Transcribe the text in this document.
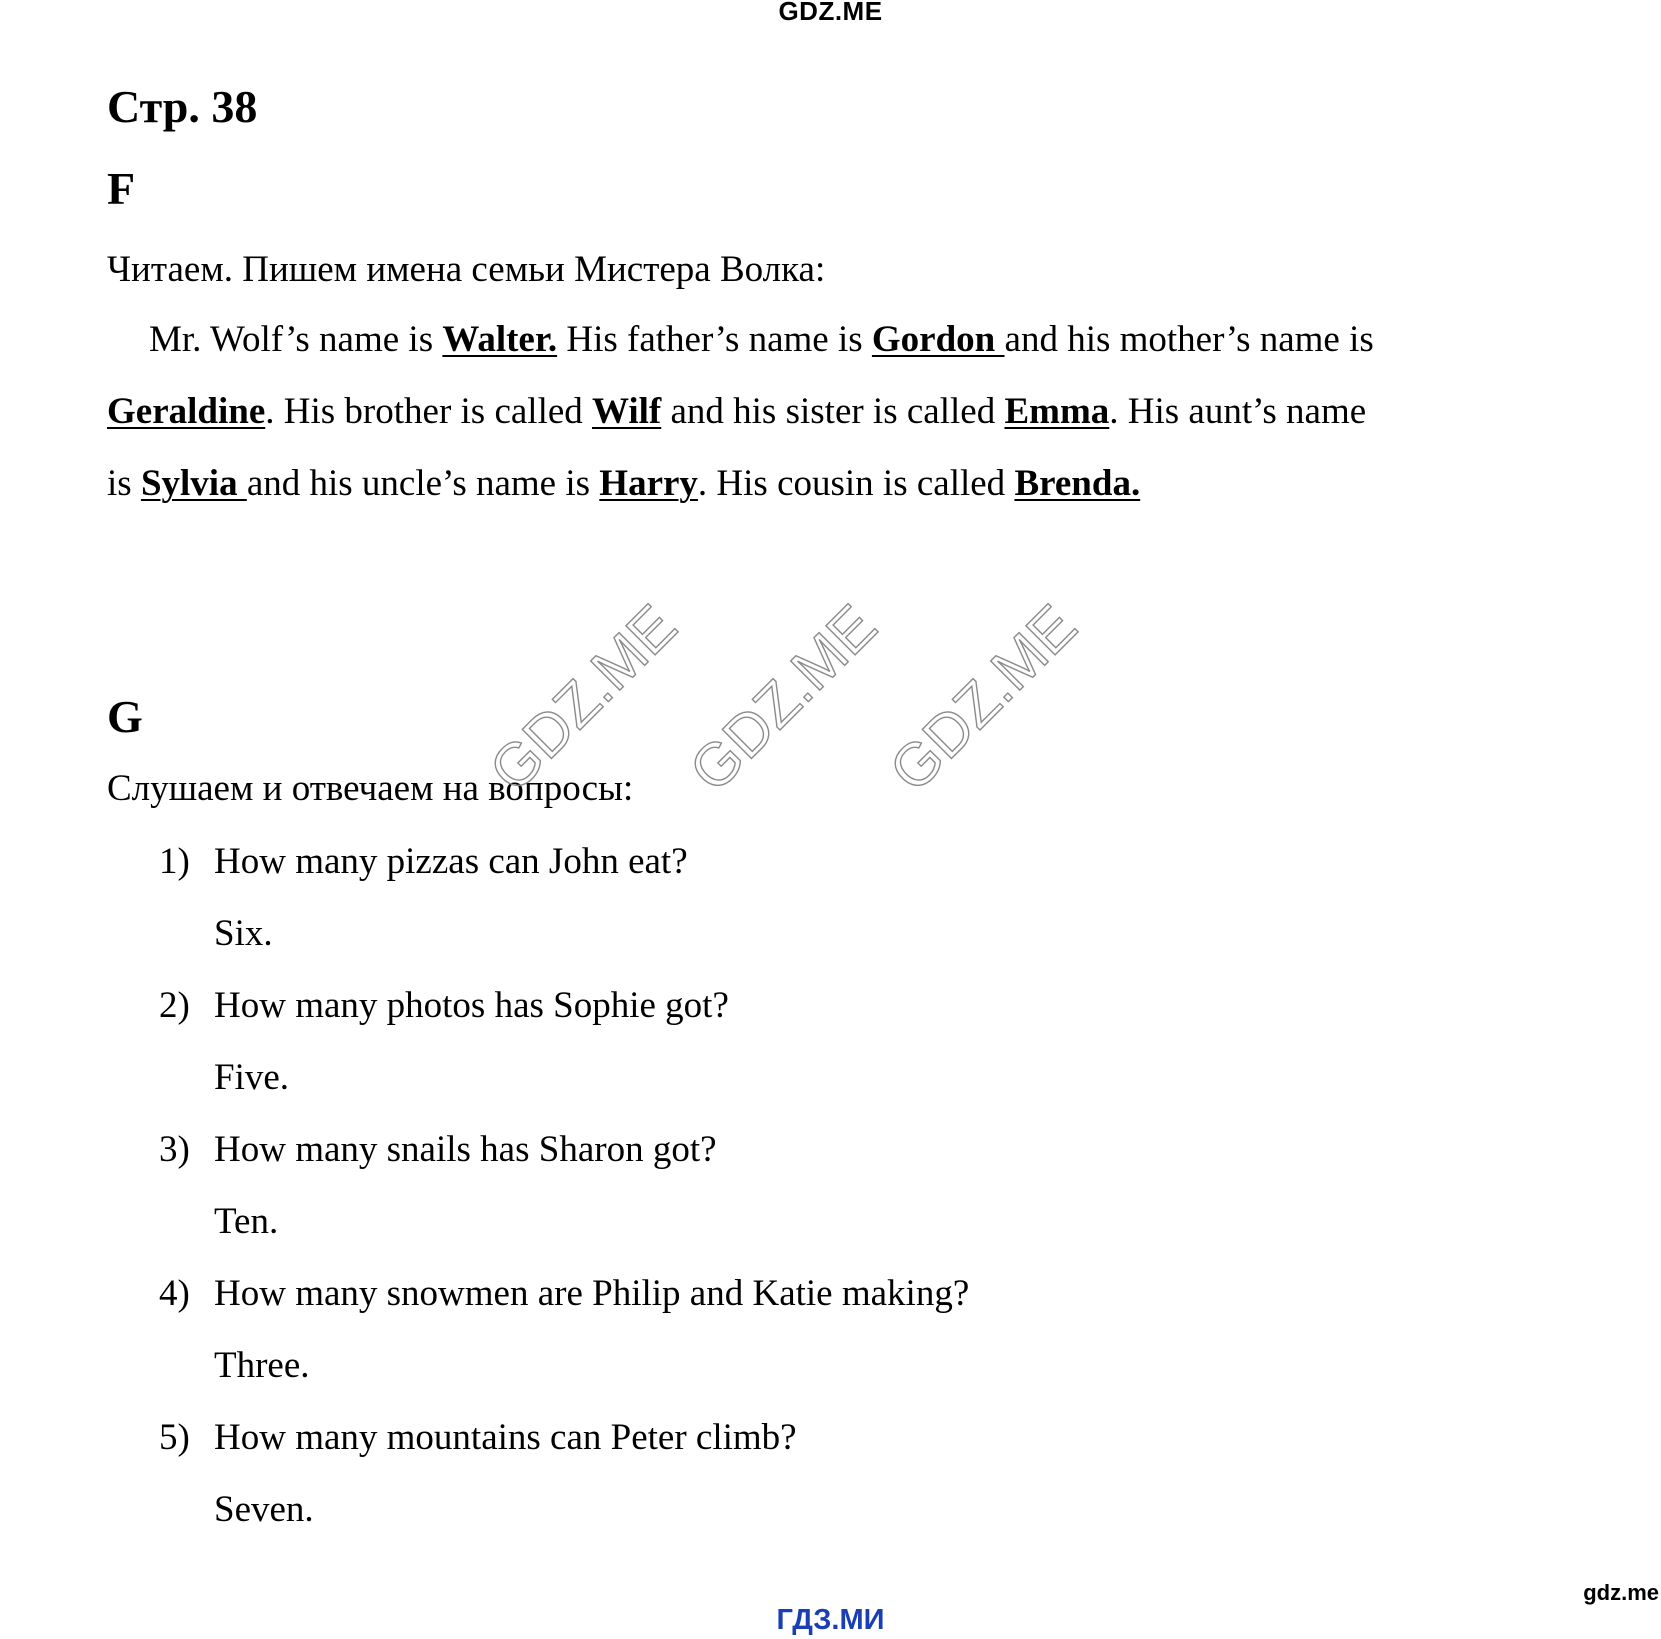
GDZ.ME
Стр. 38
F
Читаем. Пишем имена семьи Мистера Волка:
Mr. Wolf’s name is Walter. His father’s name is Gordon and his mother’s name is
Geraldine. His brother is called Wilf and his sister is called Emma. His aunt’s name
is Sylvia and his uncle’s name is Harry. His cousin is called Brenda.
G
Слушаем и отвечаем на вопросы:
1) How many pizzas can John eat?
Six.
2) How many photos has Sophie got?
Five.
3) How many snails has Sharon got?
Ten.
4) How many snowmen are Philip and Katie making?
Three.
5) How many mountains can Peter climb?
Seven.
GDZ.ME
GDZ.ME
GDZ.ME
ГДЗ.МИ
gdz.me
